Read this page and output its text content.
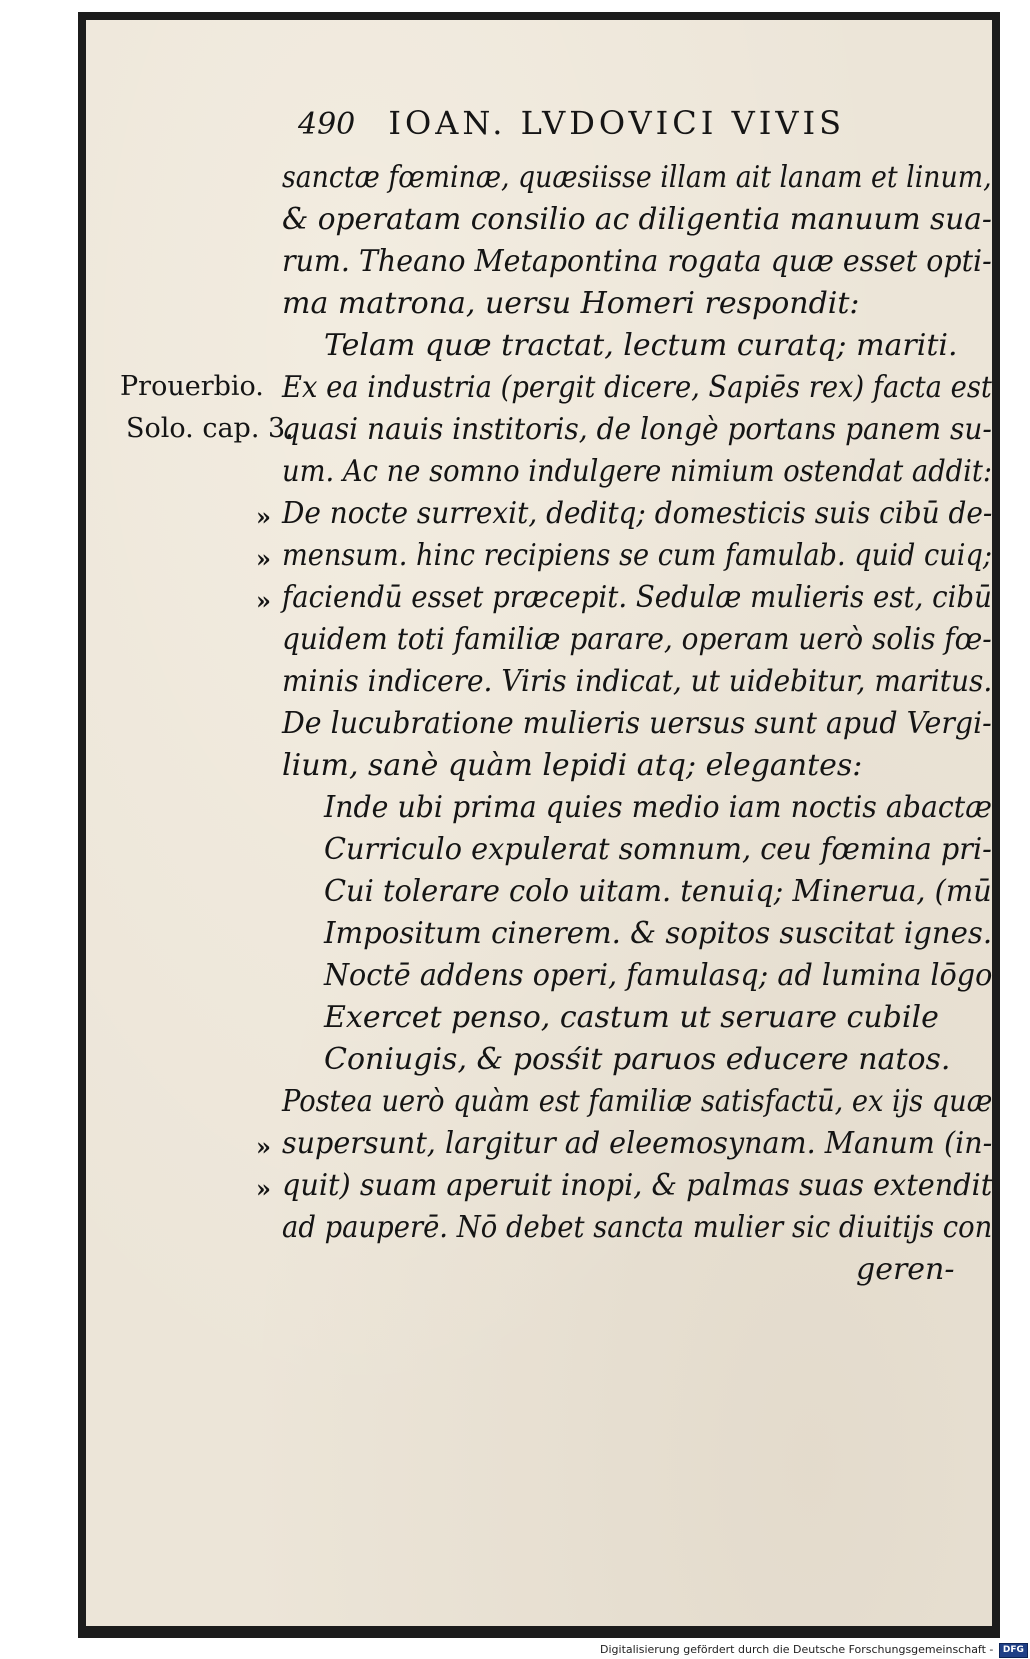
490 IOAN. LVDOVICI VIVIS
sanctæ fœminæ, quæsiisse illam ait lanam et linum,
& operatam consilio ac diligentia manuum sua-
rum. Theano Metapontina rogata quæ esset opti-
ma matrona, uersu Homeri respondit:
Telam quæ tractat, lectum curatq; mariti.
Ex ea industria (pergit dicere, Sapiēs rex) facta est
quasi nauis institoris, de longè portans panem su-
um. Ac ne somno indulgere nimium ostendat addit:
De nocte surrexit, deditq; domesticis suis cibū de-
mensum. hinc recipiens se cum famulab. quid cuiq;
faciendū esset præcepit. Sedulæ mulieris est, cibū
quidem toti familiæ parare, operam uerò solis fœ-
minis indicere. Viris indicat, ut uidebitur, maritus.
De lucubratione mulieris uersus sunt apud Vergi-
lium, sanè quàm lepidi atq; elegantes:
Inde ubi prima quies medio iam noctis abactæ
Curriculo expulerat somnum, ceu fœmina pri-
Cui tolerare colo uitam. tenuiq; Minerua, (mū
Impositum cinerem. & sopitos suscitat ignes.
Noctē addens operi, famulasq; ad lumina lōgo
Exercet penso, castum ut seruare cubile
Coniugis, & posśit paruos educere natos.
Postea uerò quàm est familiæ satisfactū, ex ijs quæ
supersunt, largitur ad eleemosynam. Manum (in-
quit) suam aperuit inopi, & palmas suas extendit
ad pauperē. Nō debet sancta mulier sic diuitijs con
geren-
Prouerbio.
Solo. cap. 3.
»
»
»
»
»
Digitalisierung gefördert durch die Deutsche Forschungsgemeinschaft - DFG
